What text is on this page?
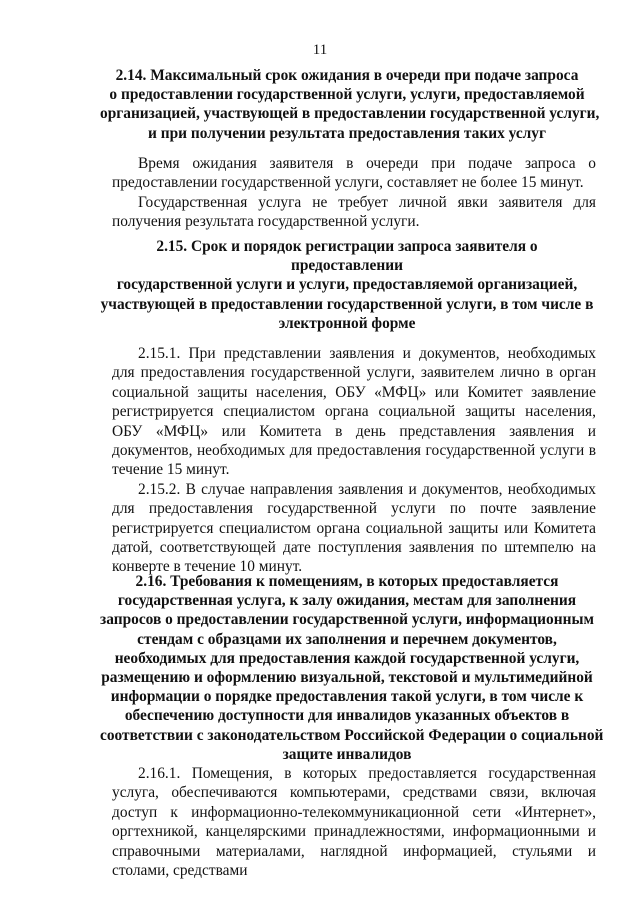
11
2.14. Максимальный срок ожидания в очереди при подаче запроса
о предоставлении государственной услуги, услуги, предоставляемой
организацией, участвующей в предоставлении государственной услуги,
и при получении результата предоставления таких услуг

Время ожидания заявителя в очереди при подаче запроса о предоставлении государственной услуги, составляет не более 15 минут.

Государственная услуга не требует личной явки заявителя для получения результата государственной услуги.

2.15. Срок и порядок регистрации запроса заявителя о
предоставлении
государственной услуги и услуги, предоставляемой организацией,
участвующей в предоставлении государственной услуги, в том числе в
электронной форме

2.15.1. При представлении заявления и документов, необходимых для предоставления государственной услуги, заявителем лично в орган социальной защиты населения, ОБУ «МФЦ» или Комитет заявление регистрируется специалистом органа социальной защиты населения, ОБУ «МФЦ» или Комитета в день представления заявления и документов, необходимых для предоставления государственной услуги в течение 15 минут.

2.15.2. В случае направления заявления и документов, необходимых для предоставления государственной услуги по почте заявление регистрируется специалистом органа социальной защиты или Комитета датой, соответствующей дате поступления заявления по штемпелю на конверте в течение 10 минут.

2.16. Требования к помещениям, в которых предоставляется
государственная услуга, к залу ожидания, местам для заполнения
запросов о предоставлении государственной услуги, информационным
стендам с образцами их заполнения и перечнем документов,
необходимых для предоставления каждой государственной услуги,
размещению и оформлению визуальной, текстовой и мультимедийной
информации о порядке предоставления такой услуги, в том числе к
обеспечению доступности для инвалидов указанных объектов в
соответствии с законодательством Российской Федерации о социальной
защите инвалидов

2.16.1. Помещения, в которых предоставляется государственная услуга, обеспечиваются компьютерами, средствами связи, включая доступ к информационно-телекоммуникационной сети «Интернет», оргтехникой, канцелярскими принадлежностями, информационными и справочными материалами, наглядной информацией, стульями и столами, средствами
